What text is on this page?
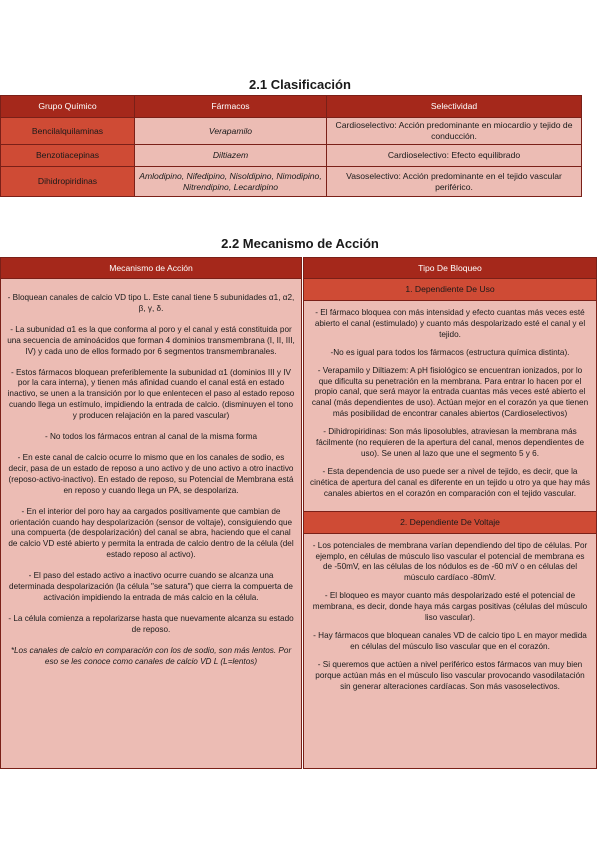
2.1 Clasificación
Grupo Químico	Fármacos	Selectividad
Bencilalquilaminas	Verapamilo	Cardioselectivo: Acción predominante en miocardio y tejido de conducción.
Benzotiacepinas	Diltiazem	Cardioselectivo: Efecto equilibrado
Dihidropiridinas	Amlodipino, Nifedipino, Nisoldipino, Nimodipino, Nitrendipino, Lecardipino	Vasoselectivo: Acción predominante en el tejido vascular periférico.
2.2 Mecanismo de Acción
Mecanismo de Acción

- Bloquean canales de calcio VD tipo L. Este canal tiene 5 subunidades α1, α2, β, γ, δ.

- La subunidad α1 es la que conforma al poro y el canal y está constituida por una secuencia de aminoácidos que forman 4 dominios transmembrana (I, II, III, IV) y cada uno de ellos formado por 6 segmentos transmembranales.

- Estos fármacos bloquean preferiblemente la subunidad α1 (dominios III y IV por la cara interna), y tienen más afinidad cuando el canal está en estado inactivo, se unen a la transición por lo que enlentecen el paso al estado reposo cuando llega un estímulo, impidiendo la entrada de calcio. (disminuyen el tono y producen relajación en la pared vascular)

- No todos los fármacos entran al canal de la misma forma

- En este canal de calcio ocurre lo mismo que en los canales de sodio, es decir, pasa de un estado de reposo a uno activo y de uno activo a otro inactivo (reposo-activo-inactivo). En estado de reposo, su Potencial de Membrana está en reposo y cuando llega un PA, se despolariza.

- En el interior del poro hay aa cargados positivamente que cambian de orientación cuando hay despolarización (sensor de voltaje), consiguiendo que una compuerta (de despolarización) del canal se abra, haciendo que el canal de calcio VD esté abierto y permita la entrada de calcio dentro de la célula (del estado reposo al activo).

- El paso del estado activo a inactivo ocurre cuando se alcanza una determinada despolarización (la célula "se satura") que cierra la compuerta de activación impidiendo la entrada de más calcio en la célula.

- La célula comienza a repolarizarse hasta que nuevamente alcanza su estado de reposo.

*Los canales de calcio en comparación con los de sodio, son más lentos. Por eso se les conoce como canales de calcio VD L (L=lentos)

Tipo De Bloqueo
1. Dependiente De Uso

- El fármaco bloquea con más intensidad y efecto cuantas más veces esté abierto el canal (estimulado) y cuanto más despolarizado esté el canal y el tejido.

-No es igual para todos los fármacos (estructura química distinta).

- Verapamilo y Diltiazem: A pH fisiológico se encuentran ionizados, por lo que dificulta su penetración en la membrana. Para entrar lo hacen por el propio canal, que será mayor la entrada cuantas más veces esté abierto el canal (más dependientes de uso). Actúan mejor en el corazón ya que tienen más posibilidad de encontrar canales abiertos (Cardioselectivos)

- Dihidropiridinas: Son más liposolubles, atraviesan la membrana más fácilmente (no requieren de la apertura del canal, menos dependientes de uso). Se unen al lazo que une el segmento 5 y 6.

- Esta dependencia de uso puede ser a nivel de tejido, es decir, que la cinética de apertura del canal es diferente en un tejido u otro ya que hay más canales abiertos en el corazón en comparación con el tejido vascular.

2. Dependiente De Voltaje

- Los potenciales de membrana varían dependiendo del tipo de células. Por ejemplo, en células de músculo liso vascular el potencial de membrana es de -50mV, en las células de los nódulos es de -60 mV o en células del músculo cardíaco -80mV.

- El bloqueo es mayor cuanto más despolarizado esté el potencial de membrana, es decir, donde haya más cargas positivas (células del músculo liso vascular).

- Hay fármacos que bloquean canales VD de calcio tipo L en mayor medida en células del músculo liso vascular que en el corazón.

- Si queremos que actúen a nivel periférico estos fármacos van muy bien porque actúan más en el músculo liso vascular provocando vasodilatación sin generar alteraciones cardíacas. Son más vasoselectivos.
